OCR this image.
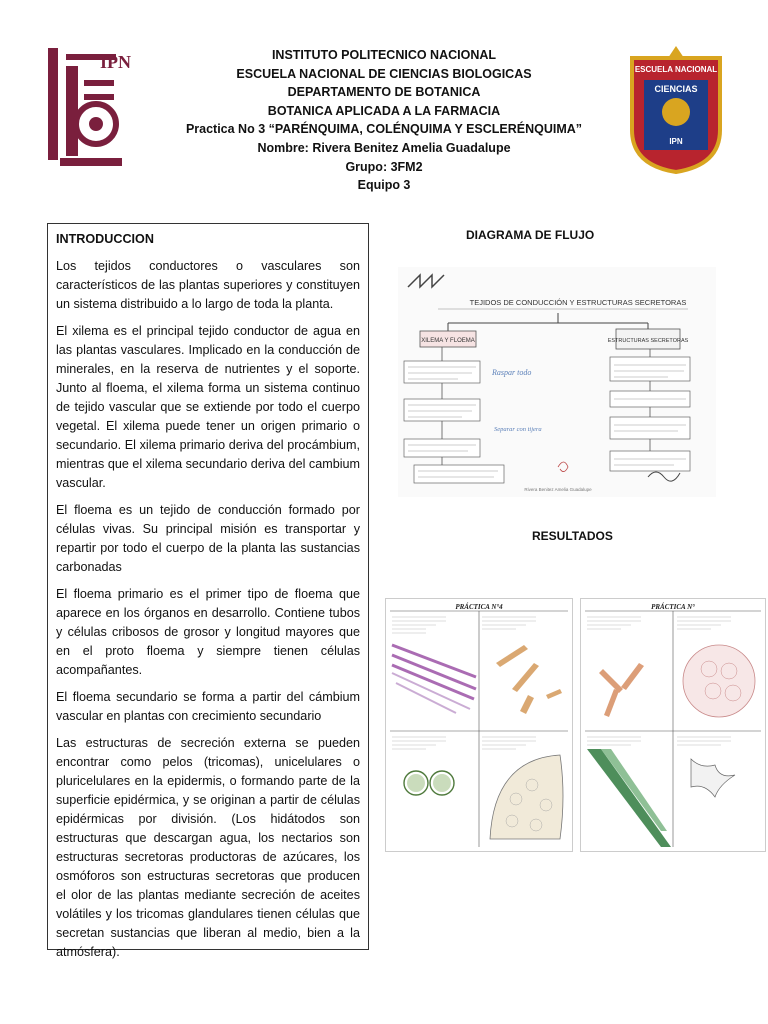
IPN	ESCUELA NACIONAL
CIENCIAS
IPN
INSTITUTO POLITECNICO NACIONAL
ESCUELA NACIONAL DE CIENCIAS BIOLOGICAS
DEPARTAMENTO DE BOTANICA
BOTANICA APLICADA A LA FARMACIA
Practica No 3 “PARÉNQUIMA, COLÉNQUIMA Y ESCLERÉNQUIMA”
Nombre: Rivera Benitez Amelia Guadalupe
Grupo: 3FM2
Equipo 3
INTRODUCCION

Los tejidos conductores o vasculares son característicos de las plantas superiores y constituyen un sistema distribuido a lo largo de toda la planta.

El xilema es el principal tejido conductor de agua en las plantas vasculares. Implicado en la conducción de minerales, en la reserva de nutrientes y el soporte. Junto al floema, el xilema forma un sistema continuo de tejido vascular que se extiende por todo el cuerpo vegetal. El xilema puede tener un origen primario o secundario. El xilema primario deriva del procámbium, mientras que el xilema secundario deriva del cambium vascular.

El floema es un tejido de conducción formado por células vivas. Su principal misión es transportar y repartir por todo el cuerpo de la planta las sustancias carbonadas

El floema primario es el primer tipo de floema que aparece en los órganos en desarrollo. Contiene tubos y células cribosos de grosor y longitud mayores que en el proto floema y siempre tienen células acompañantes.

El floema secundario se forma a partir del cámbium vascular en plantas con crecimiento secundario

Las estructuras de secreción externa se pueden encontrar como pelos (tricomas), unicelulares o pluricelulares en la epidermis, o formando parte de la superficie epidérmica, y se originan a partir de células epidérmicas por división. (Los hidátodos son estructuras que descargan agua, los nectarios son estructuras secretoras productoras de azúcares, los osmóforos son estructuras secretoras que producen el olor de las plantas mediante secreción de aceites volátiles y los tricomas glandulares tienen células que secretan sustancias que liberan al medio, bien a la atmósfera).

DIAGRAMA DE FLUJO
TEJIDOS DE CONDUCCIÓN Y ESTRUCTURAS SECRETORAS
XILEMA Y FLOEMA	ESTRUCTURAS SECRETORAS
Raspar todo
Separar con tijera
Rivera Benitez Amelia Guadalupe
RESULTADOS
PRÁCTICA N°4	PRÁCTICA N°
